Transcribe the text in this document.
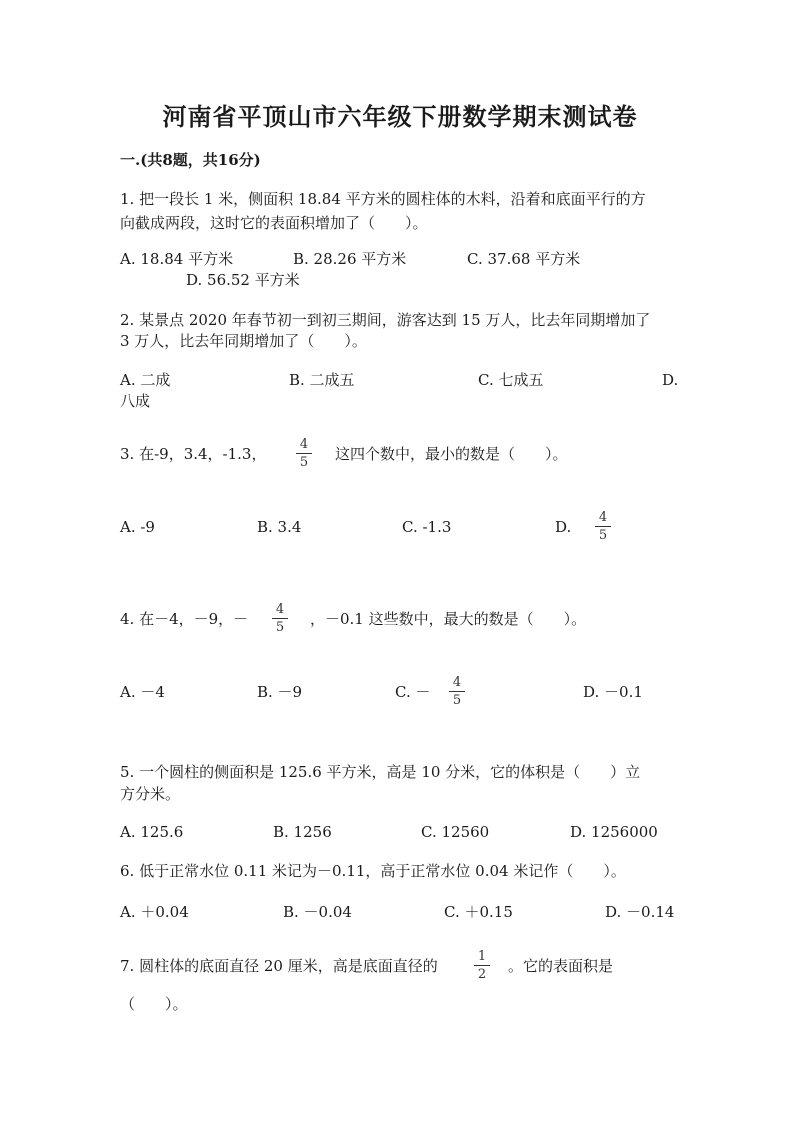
河南省平顶山市六年级下册数学期末测试卷
一.(共8题，共16分)
1. 把一段长 1 米，侧面积 18.84 平方米的圆柱体的木料，沿着和底面平行的方
向截成两段，这时它的表面积增加了（　　）。
A. 18.84 平方米	B. 28.26 平方米	C. 37.68 平方米
D. 56.52 平方米
2. 某景点 2020 年春节初一到初三期间，游客达到 15 万人，比去年同期增加了
3 万人，比去年同期增加了（　　）。
A. 二成	B. 二成五	C. 七成五	D.
八成
3. 在-9，3.4，-1.3，
4
5 这四个数中，最小的数是（　　）。
A. -9	B. 3.4	C. -1.3	D.
4
5
4. 在－4，－9，－
4
5 ，－0.1 这些数中，最大的数是（　　）。
A. －4	B. －9	C. －
4
5	D. －0.1
5. 一个圆柱的侧面积是 125.6 平方米，高是 10 分米，它的体积是（　　）立
方分米。
A. 125.6	B. 1256	C. 12560	D. 1256000
6. 低于正常水位 0.11 米记为－0.11，高于正常水位 0.04 米记作（　　）。
A. ＋0.04	B. －0.04	C. ＋0.15	D. －0.14
7. 圆柱体的底面直径 20 厘米，高是底面直径的
1
2 。它的表面积是
（　　）。
